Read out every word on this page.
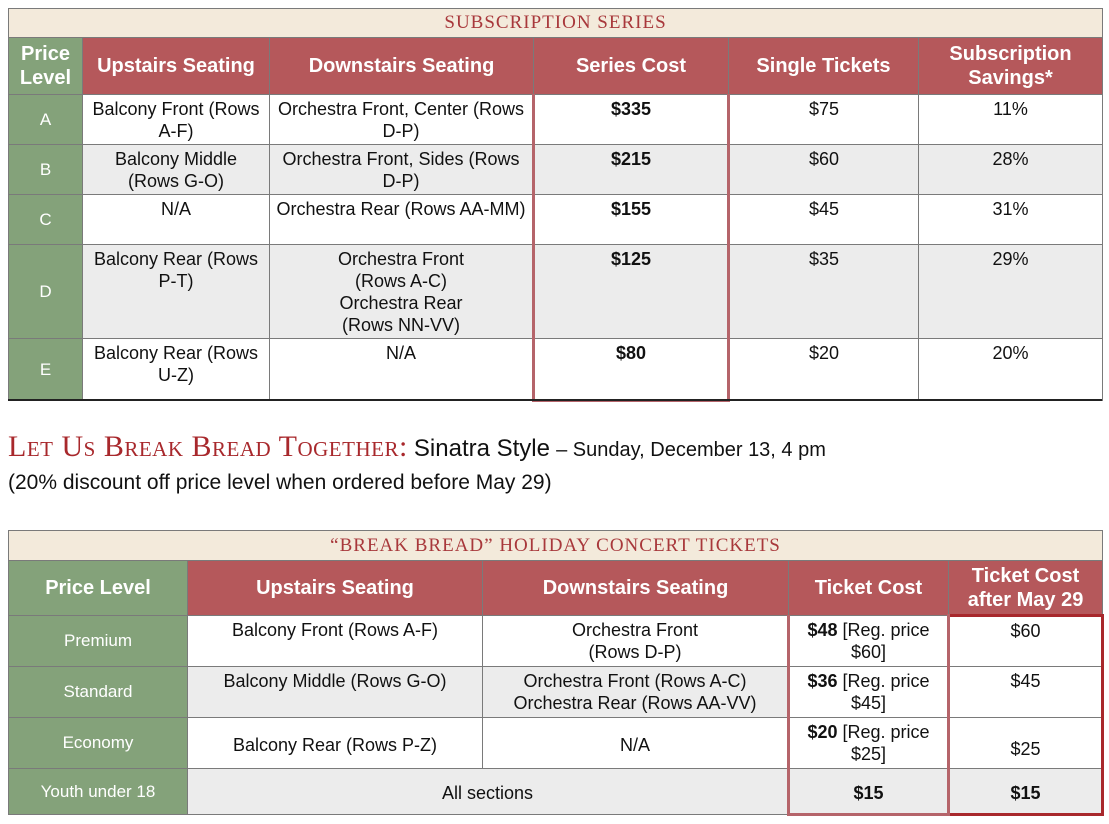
SUBSCRIPTION SERIES					
Price Level	Upstairs Seating	Downstairs Seating	Series Cost	Single Tickets	Subscription Savings*
A	Balcony Front (Rows A-F)	Orchestra Front, Center (Rows D-P)	$335	$75	11%
B	Balcony Middle (Rows G-O)	Orchestra Front, Sides (Rows D-P)	$215	$60	28%
C	N/A	Orchestra Rear (Rows AA-MM)	$155	$45	31%
D	Balcony Rear (Rows P-T)	Orchestra Front
(Rows A-C)
Orchestra Rear
(Rows NN-VV)	$125	$35	29%
E	Balcony Rear (Rows U-Z)	N/A	$80	$20	20%
Let Us Break Bread Together: Sinatra Style – Sunday, December 13, 4 pm
(20% discount off price level when ordered before May 29)
“BREAK BREAD” HOLIDAY CONCERT TICKETS				
Price Level	Upstairs Seating	Downstairs Seating	Ticket Cost	Ticket Cost after May 29
Premium	Balcony Front (Rows A-F)	Orchestra Front
(Rows D-P)	$48 [Reg. price $60]	$60
Standard	Balcony Middle (Rows G-O)	Orchestra Front (Rows A-C)
Orchestra Rear (Rows AA-VV)	$36 [Reg. price $45]	$45
Economy	Balcony Rear (Rows P-Z)	N/A	$20 [Reg. price $25]	$25
Youth under 18	All sections		$15	$15
